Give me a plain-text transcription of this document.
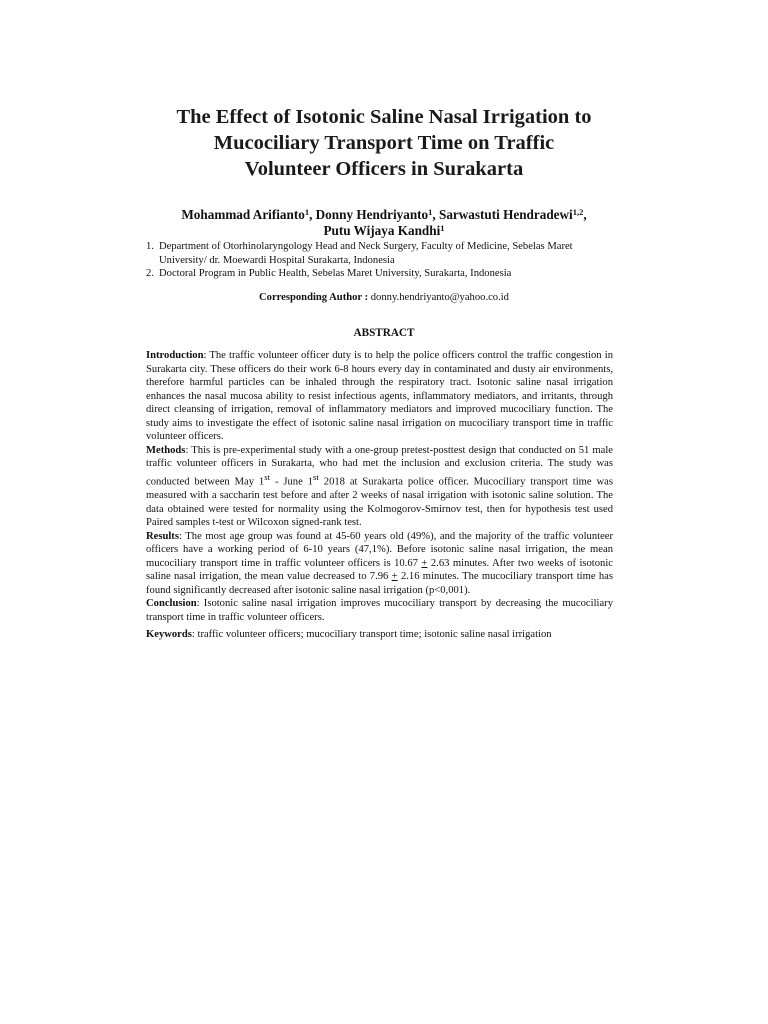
The Effect of Isotonic Saline Nasal Irrigation to
Mucociliary Transport Time on Traffic
Volunteer Officers in Surakarta
Mohammad Arifianto$^1$, Donny Hendriyanto$^1$, Sarwastuti Hendradewi$^{1,2}$,
Putu Wijaya Kandhi$^1$
1. Department of Otorhinolaryngology Head and Neck Surgery, Faculty of Medicine, Sebelas Maret University/ dr. Moewardi Hospital Surakarta, Indonesia
2. Doctoral Program in Public Health, Sebelas Maret University, Surakarta, Indonesia
Corresponding Author : donny.hendriyanto@yahoo.co.id
ABSTRACT

Introduction: The traffic volunteer officer duty is to help the police officers control the traffic congestion in Surakarta city. These officers do their work 6-8 hours every day in contaminated and dusty air environments, therefore harmful particles can be inhaled through the respiratory tract. Isotonic saline nasal irrigation enhances the nasal mucosa ability to resist infectious agents, inflammatory mediators, and irritants, through direct cleansing of irrigation, removal of inflammatory mediators and improved mucociliary function. The study aims to investigate the effect of isotonic saline nasal irrigation on mucociliary transport time in traffic volunteer officers.

Methods: This is pre-experimental study with a one-group pretest-posttest design that conducted on 51 male traffic volunteer officers in Surakarta, who had met the inclusion and exclusion criteria. The study was conducted between May 1st - June 1st 2018 at Surakarta police officer. Mucociliary transport time was measured with a saccharin test before and after 2 weeks of nasal irrigation with isotonic saline solution. The data obtained were tested for normality using the Kolmogorov-Smirnov test, then for hypothesis test used Paired samples t-test or Wilcoxon signed-rank test.

Results: The most age group was found at 45-60 years old (49%), and the majority of the traffic volunteer officers have a working period of 6-10 years (47,1%). Before isotonic saline nasal irrigation, the mean mucociliary transport time in traffic volunteer officers is 10.67 + 2.63 minutes. After two weeks of isotonic saline nasal irrigation, the mean value decreased to 7.96 + 2.16 minutes. The mucociliary transport time has found significantly decreased after isotonic saline nasal irrigation (p<0,001).

Conclusion: Isotonic saline nasal irrigation improves mucociliary transport by decreasing the mucociliary transport time in traffic volunteer officers.

Keywords: traffic volunteer officers; mucociliary transport time; isotonic saline nasal irrigation
